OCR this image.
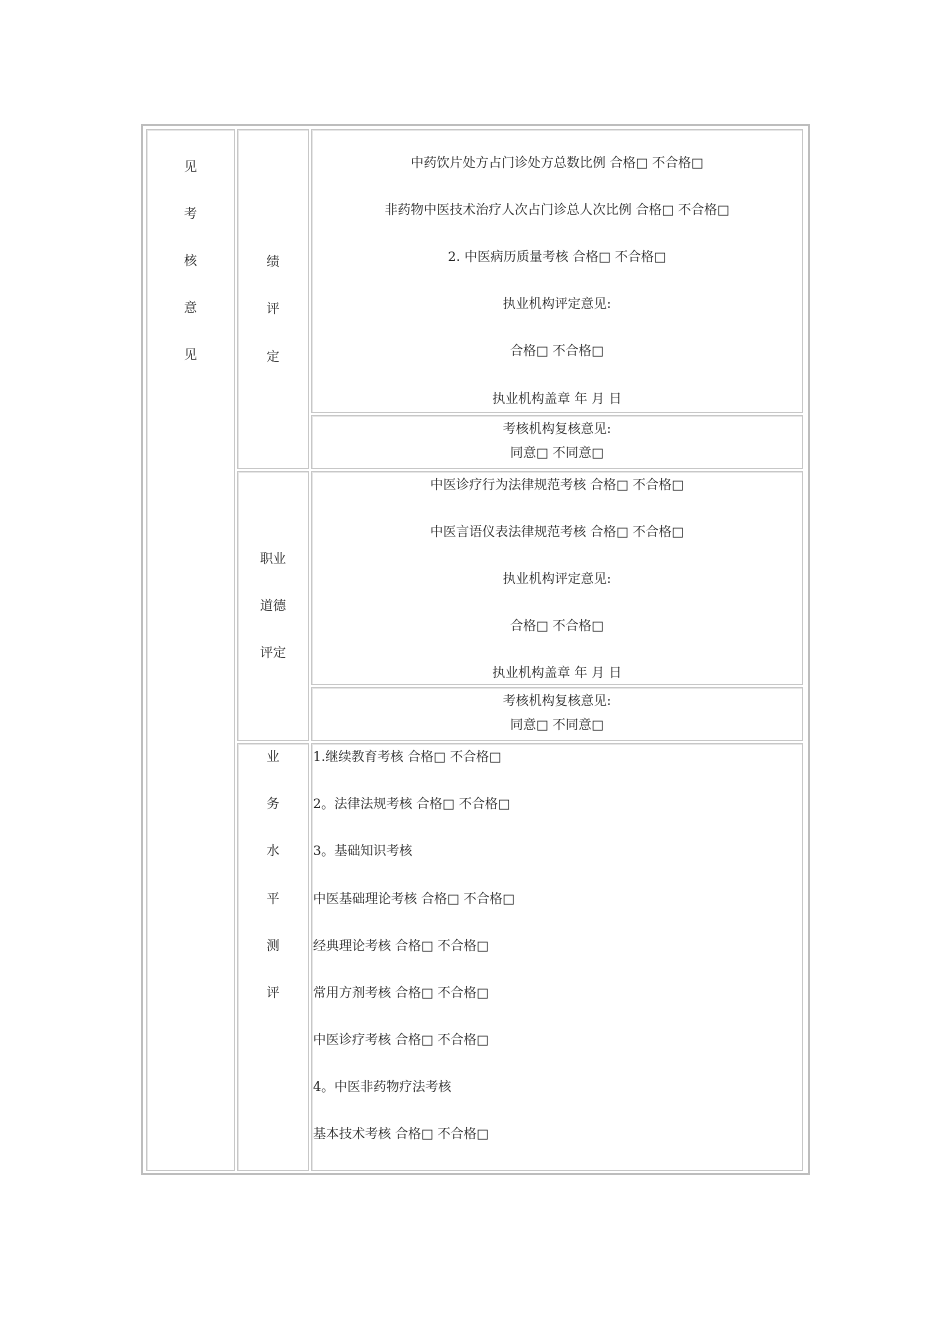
见
考
核
意
见
绩
评
定
中药饮片处方占门诊处方总数比例 合格□ 不合格□
非药物中医技术治疗人次占门诊总人次比例 合格□ 不合格□
2. 中医病历质量考核 合格□ 不合格□
执业机构评定意见:
合格□ 不合格□
执业机构盖章 年 月 日
考核机构复核意见:
同意□ 不同意□
职业
道德
评定
中医诊疗行为法律规范考核 合格□ 不合格□
中医言语仪表法律规范考核 合格□ 不合格□
执业机构评定意见:
合格□ 不合格□
执业机构盖章 年 月 日
考核机构复核意见:
同意□ 不同意□
业
务
水
平
测
评
1.继续教育考核 合格□ 不合格□
2。法律法规考核 合格□ 不合格□
3。基础知识考核
中医基础理论考核 合格□ 不合格□
经典理论考核 合格□ 不合格□
常用方剂考核 合格□ 不合格□
中医诊疗考核 合格□ 不合格□
4。中医非药物疗法考核
基本技术考核 合格□ 不合格□
